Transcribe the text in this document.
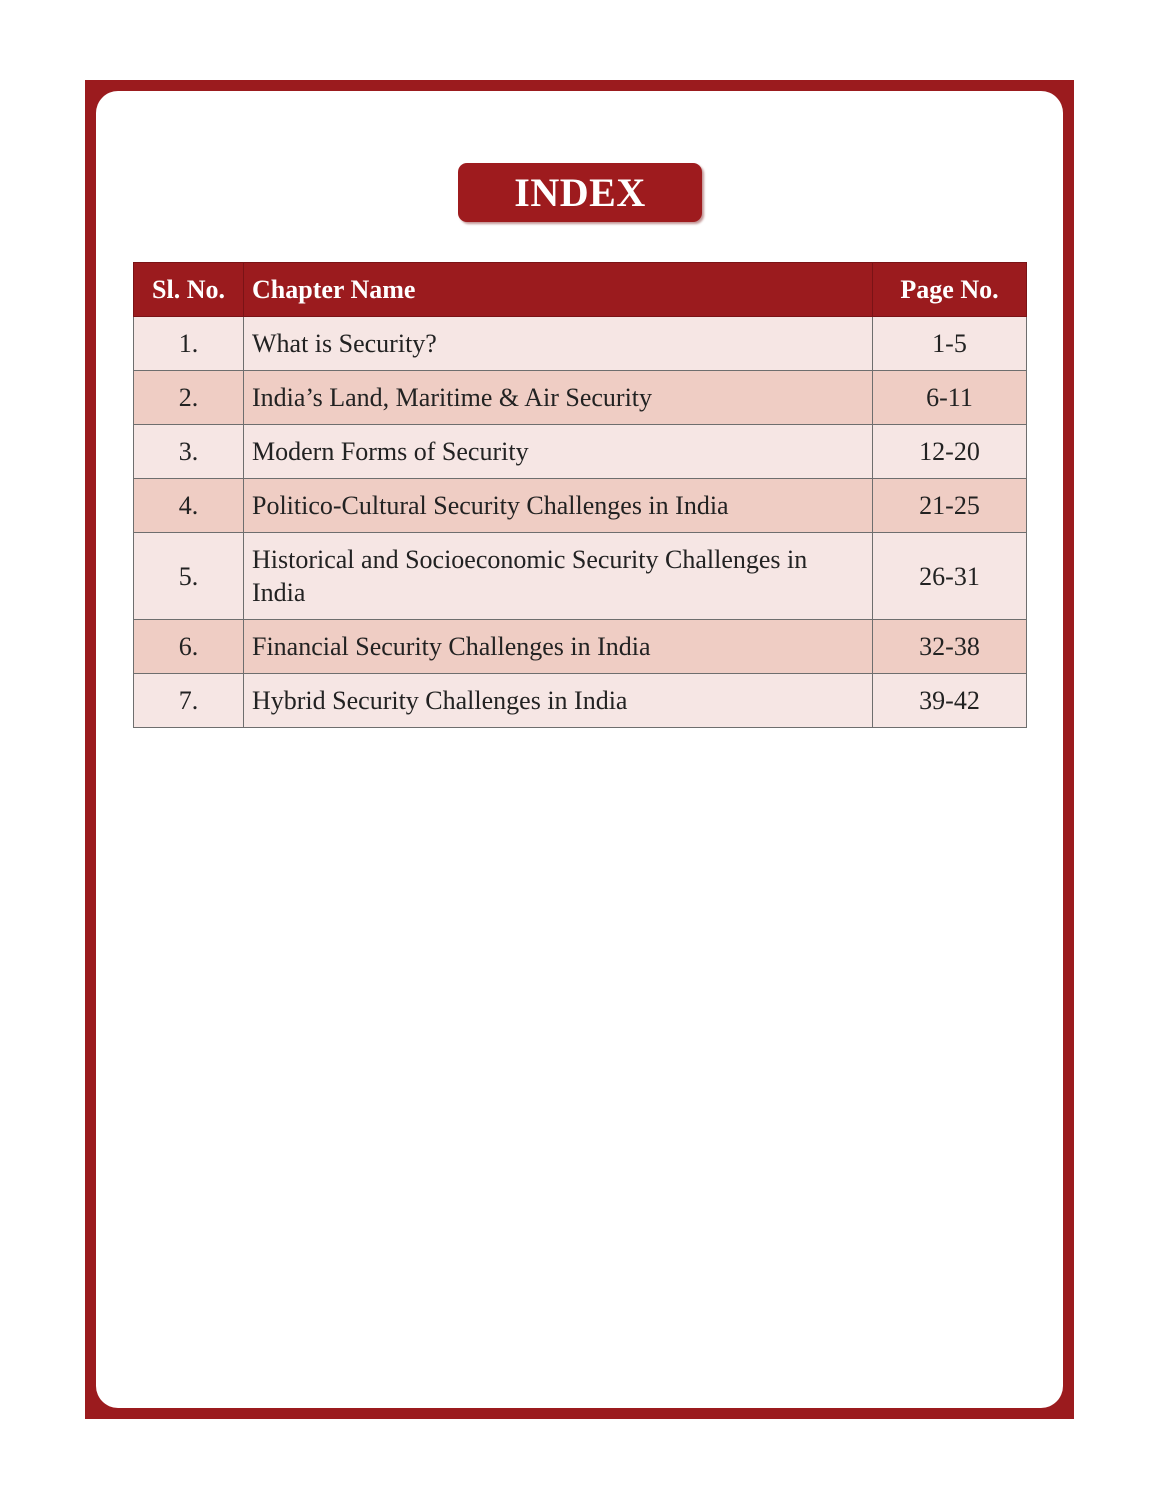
INDEX
Sl. No.	Chapter Name	Page No.
1.	What is Security?	1-5
2.	India’s Land, Maritime & Air Security	6-11
3.	Modern Forms of Security	12-20
4.	Politico-Cultural Security Challenges in India	21-25
5.	Historical and Socioeconomic Security Challenges in India	26-31
6.	Financial Security Challenges in India	32-38
7.	Hybrid Security Challenges in India	39-42
